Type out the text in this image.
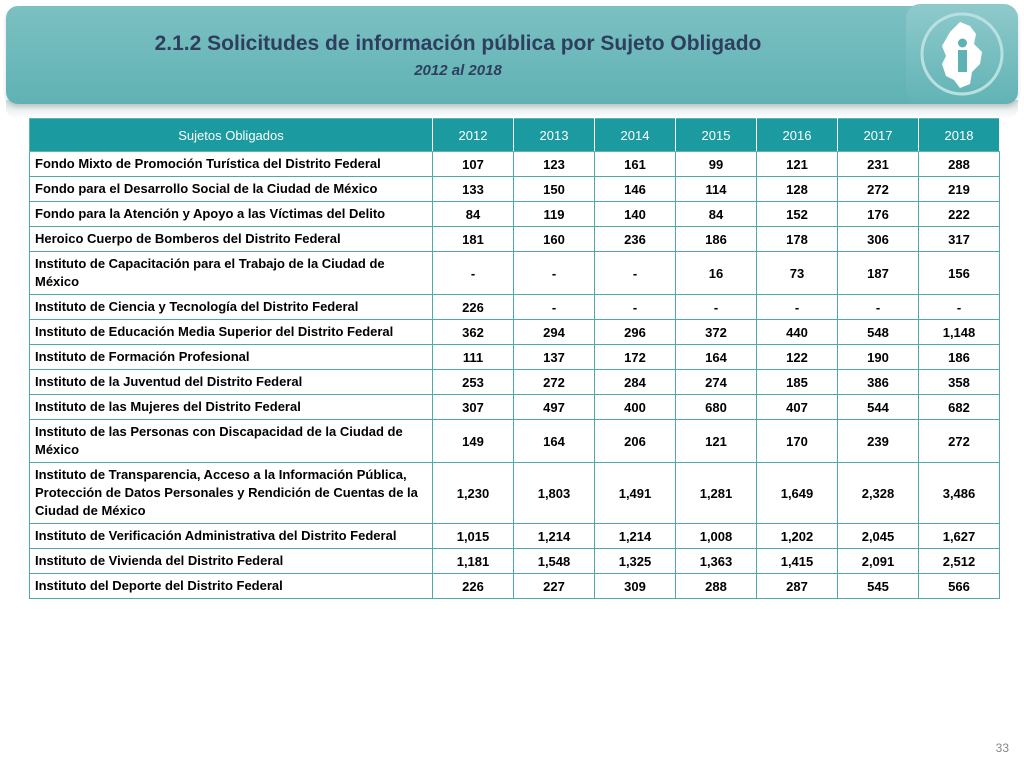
2.1.2 Solicitudes de información pública por Sujeto Obligado
2012 al 2018
Sujetos Obligados	2012	2013	2014	2015	2016	2017	2018
Fondo Mixto de Promoción Turística del Distrito Federal	107	123	161	99	121	231	288
Fondo para el Desarrollo Social de la Ciudad de México	133	150	146	114	128	272	219
Fondo para la Atención y Apoyo a las Víctimas del Delito	84	119	140	84	152	176	222
Heroico Cuerpo de Bomberos del Distrito Federal	181	160	236	186	178	306	317
Instituto de Capacitación para el Trabajo de la Ciudad de México	-	-	-	16	73	187	156
Instituto de Ciencia y Tecnología del Distrito Federal	226	-	-	-	-	-	-
Instituto de Educación Media Superior del Distrito Federal	362	294	296	372	440	548	1,148
Instituto de Formación Profesional	111	137	172	164	122	190	186
Instituto de la Juventud del Distrito Federal	253	272	284	274	185	386	358
Instituto de las Mujeres del Distrito Federal	307	497	400	680	407	544	682
Instituto de las Personas con Discapacidad de la Ciudad de México	149	164	206	121	170	239	272
Instituto de Transparencia, Acceso a la Información Pública, Protección de Datos Personales y Rendición de Cuentas de la Ciudad de México	1,230	1,803	1,491	1,281	1,649	2,328	3,486
Instituto de Verificación Administrativa del Distrito Federal	1,015	1,214	1,214	1,008	1,202	2,045	1,627
Instituto de Vivienda del Distrito Federal	1,181	1,548	1,325	1,363	1,415	2,091	2,512
Instituto del Deporte del Distrito Federal	226	227	309	288	287	545	566
33
